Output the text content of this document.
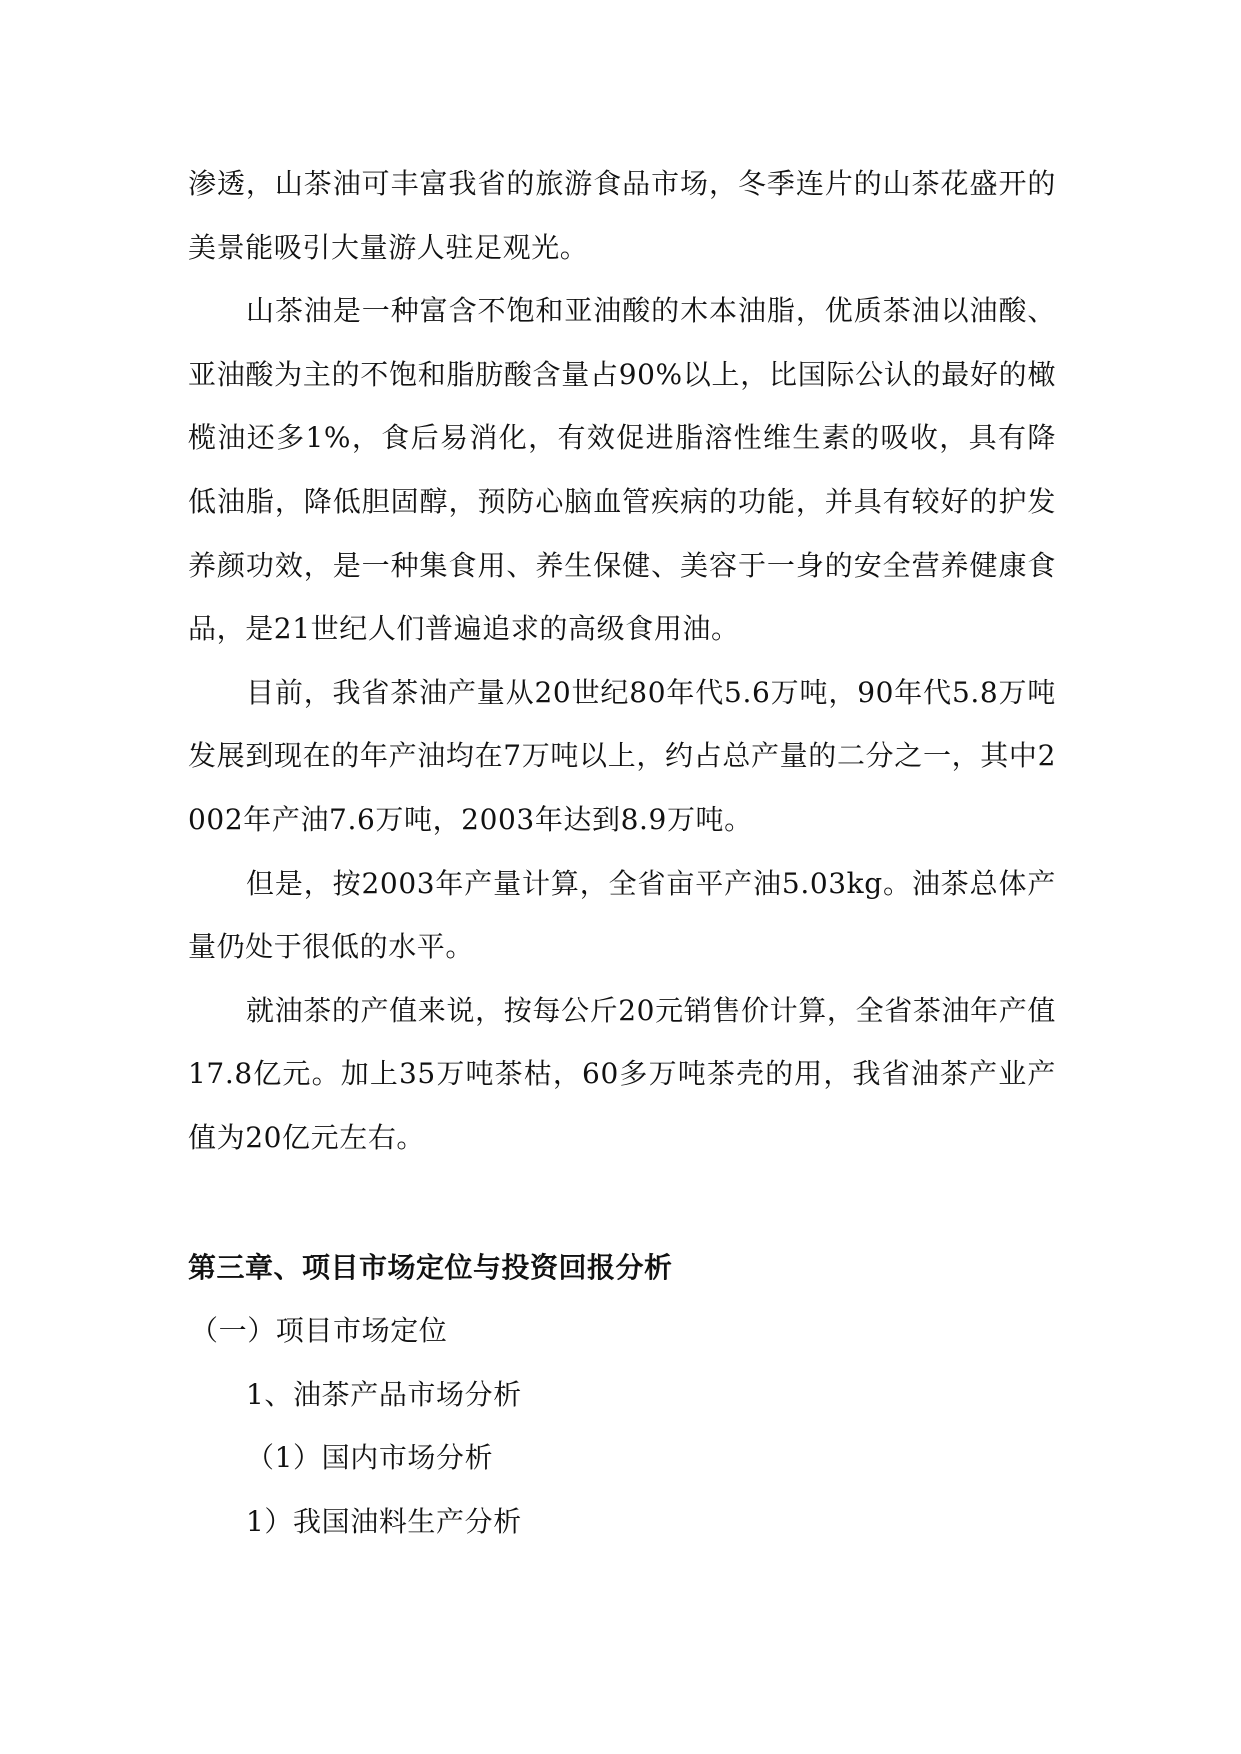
渗透，山茶油可丰富我省的旅游食品市场，冬季连片的山茶花盛开的美景能吸引大量游人驻足观光。

山茶油是一种富含不饱和亚油酸的木本油脂，优质茶油以油酸、亚油酸为主的不饱和脂肪酸含量占90%以上，比国际公认的最好的橄榄油还多1%，食后易消化，有效促进脂溶性维生素的吸收，具有降低油脂，降低胆固醇，预防心脑血管疾病的功能，并具有较好的护发养颜功效，是一种集食用、养生保健、美容于一身的安全营养健康食品，是21世纪人们普遍追求的高级食用油。

目前，我省茶油产量从20世纪80年代5.6万吨，90年代5.8万吨发展到现在的年产油均在7万吨以上，约占总产量的二分之一，其中2002年产油7.6万吨，2003年达到8.9万吨。

但是，按2003年产量计算，全省亩平产油5.03kg。油茶总体产量仍处于很低的水平。

就油茶的产值来说，按每公斤20元销售价计算，全省茶油年产值17.8亿元。加上35万吨茶枯，60多万吨茶壳的用，我省油茶产业产值为20亿元左右。

第三章、项目市场定位与投资回报分析

（一）项目市场定位

1、油茶产品市场分析

（1）国内市场分析

1）我国油料生产分析
